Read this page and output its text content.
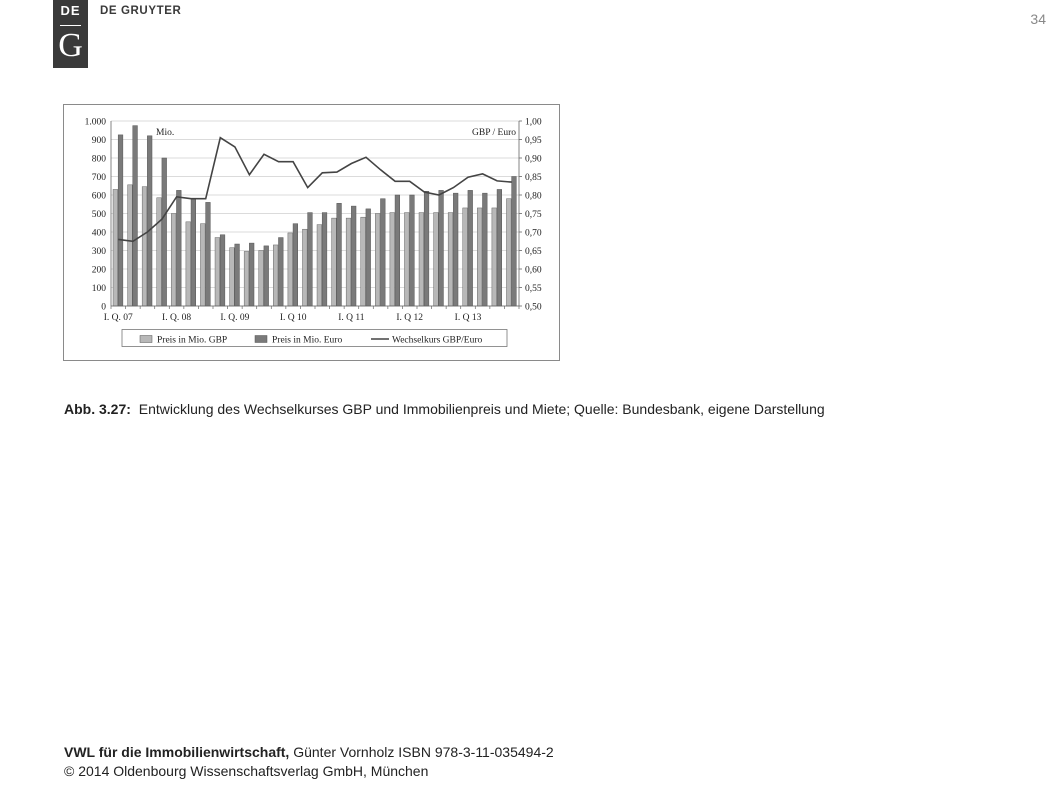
DE
G
DE GRUYTER	34
0
100
200
300
400
500
600
700
800
900
1.000
0,50
0,55
0,60
0,65
0,70
0,75
0,80
0,85
0,90
0,95
1,00
Mio.	GBP / Euro
I. Q. 07	I. Q. 08	I. Q. 09	I. Q 10	I. Q 11	I. Q 12	I. Q 13
Preis in Mio. GBP	Preis in Mio. Euro	Wechselkurs GBP/Euro
Abb. 3.27: Entwicklung des Wechselkurses GBP und Immobilienpreis und Miete; Quelle: Bundesbank, eigene Darstellung
VWL für die Immobilienwirtschaft, Günter Vornholz ISBN 978-3-11-035494-2
© 2014 Oldenbourg Wissenschaftsverlag GmbH, München
